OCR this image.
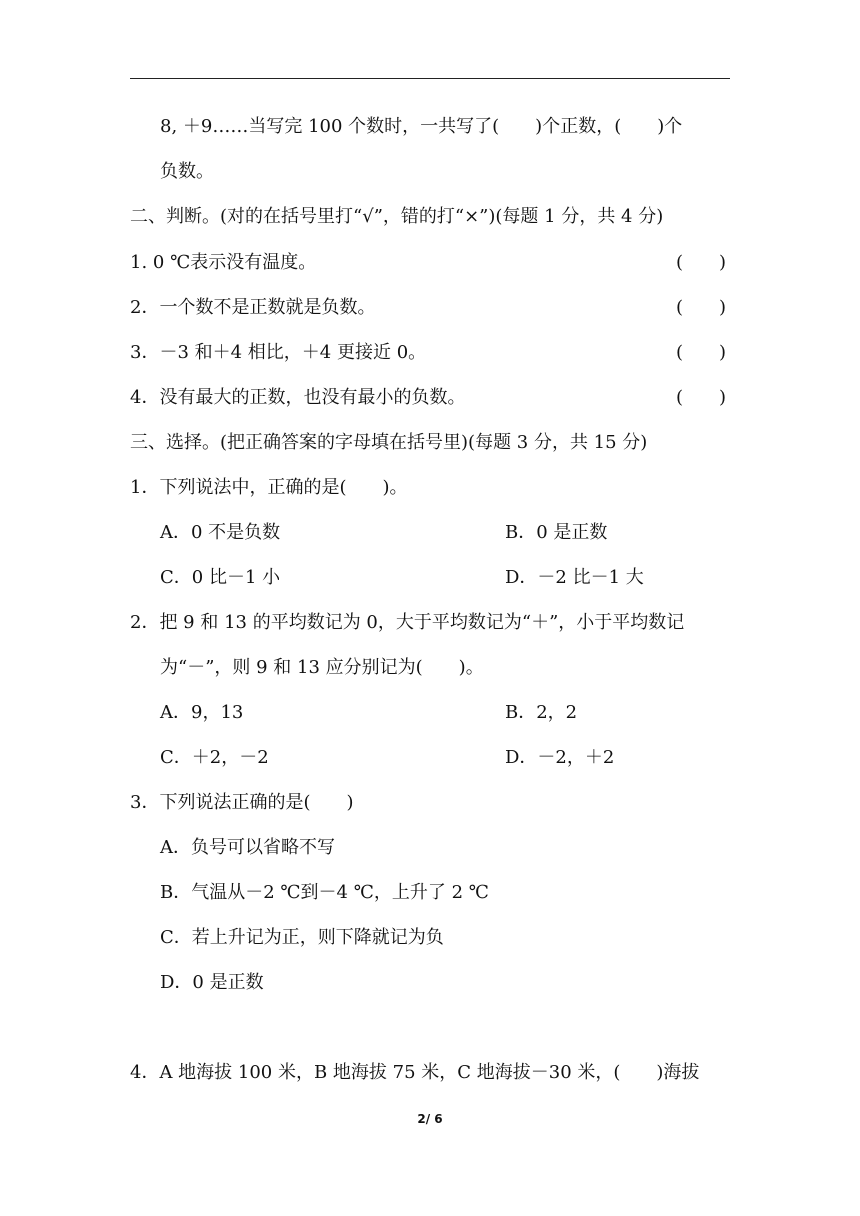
8, ＋9……当写完 100 个数时，一共写了(　　)个正数，(　　)个
负数。
二、判断。(对的在括号里打“√”，错的打“×”)(每题 1 分，共 4 分)
1. 0 ℃表示没有温度。	(　　)
2．一个数不是正数就是负数。	(　　)
3．－3 和＋4 相比，＋4 更接近 0。	(　　)
4．没有最大的正数，也没有最小的负数。	(　　)
三、选择。(把正确答案的字母填在括号里)(每题 3 分，共 15 分)
1．下列说法中，正确的是(　　)。
A．0 不是负数	B．0 是正数
C．0 比－1 小	D．－2 比－1 大
2．把 9 和 13 的平均数记为 0，大于平均数记为“＋”，小于平均数记
为“－”，则 9 和 13 应分别记为(　　)。
A．9，13	B．2，2
C．＋2，－2	D．－2，＋2
3．下列说法正确的是(　　)
A．负号可以省略不写
B．气温从－2 ℃到－4 ℃，上升了 2 ℃
C．若上升记为正，则下降就记为负
D．0 是正数
4．A 地海拔 100 米，B 地海拔 75 米，C 地海拔－30 米，(　　)海拔
2/ 6
